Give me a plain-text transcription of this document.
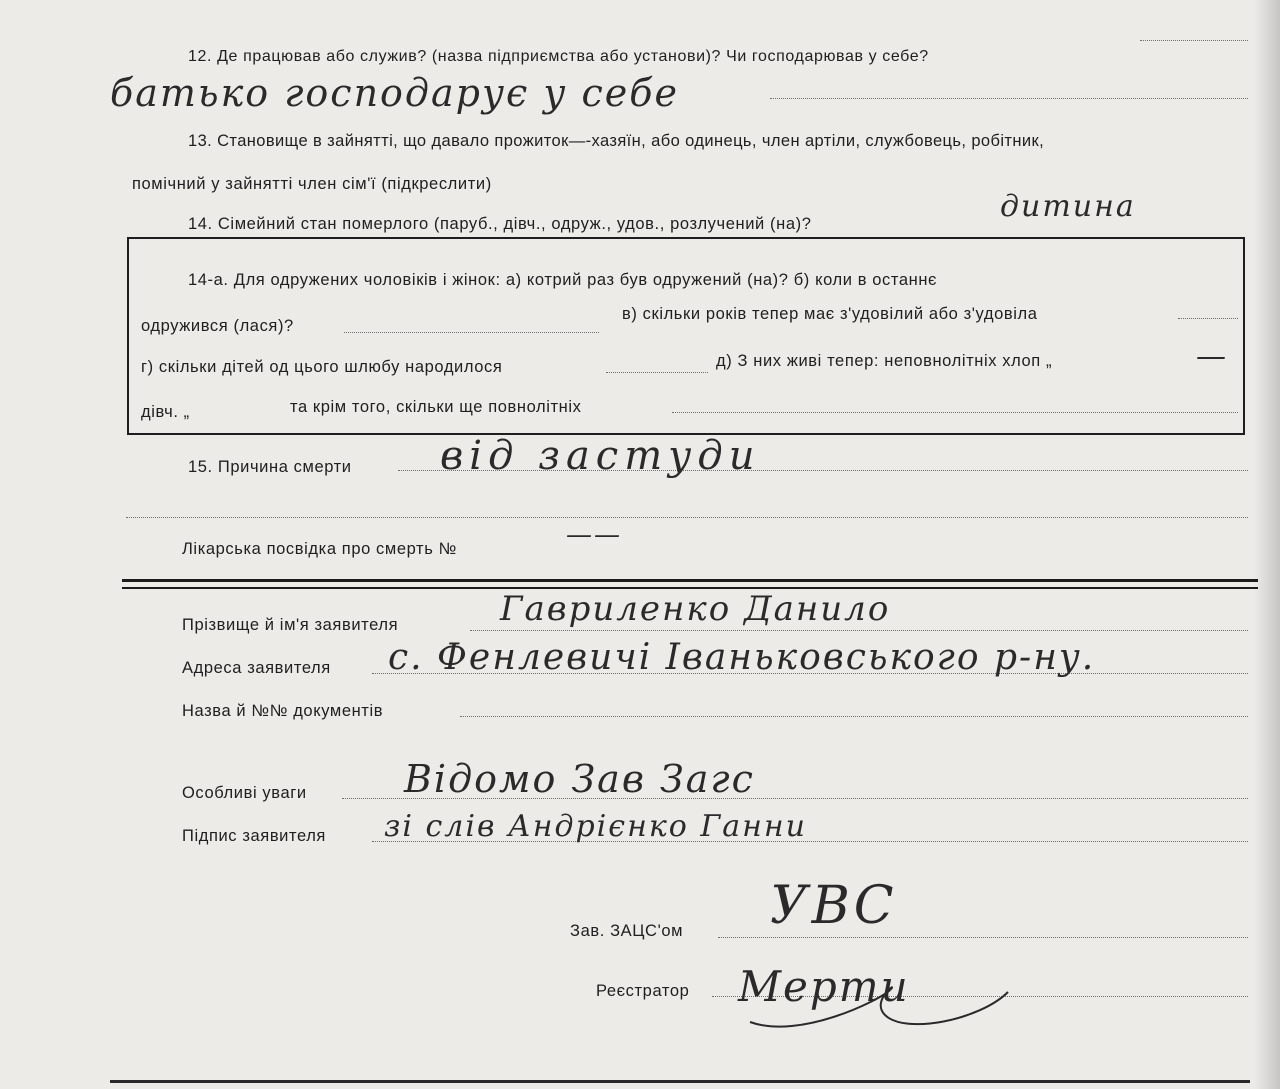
12. Де працював або служив? (назва підприємства або установи)? Чи господарював у себе?
батько господарує у себе
13. Становище в зайнятті, що давало прожиток—-хазяїн, або одинець, член артіли, службовець, робітник,
помічний у зайнятті член сім'ї (підкреслити)
14. Сімейний стан померлого (паруб., дівч., одруж., удов., розлучений (на)?	дитина
14-а. Для одружених чоловіків і жінок: а) котрий раз був одружений (на)? б) коли в останнє
одружився (лася)?
в) скільки років тепер має з'удовілий або з'удовіла
г) скільки дітей од цього шлюбу народилося	д) З них живі тепер: неповнолітніх хлоп „	—
дівч. „	та крім того, скільки ще повнолітніх
15. Причина смерти від застуди
Лікарська посвідка про смерть №	——
Прізвище й ім'я заявителя	Гавриленко Данило
Адреса заявителя с. Фенлевичі Іваньковського р-ну.
Назва й №№ документів
Особливі уваги	Відомо Зав Загс
Підпис заявителя зі слів Андрієнко Ганни
Зав. ЗАЦС'ом УВС
Реєстратор Мерти
